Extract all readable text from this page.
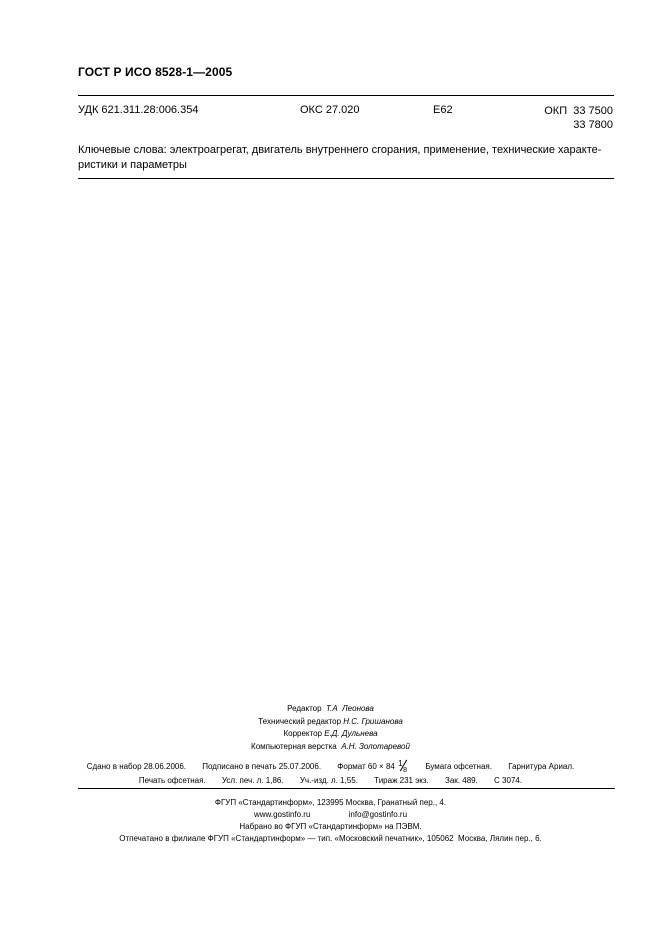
ГОСТ Р ИСО 8528-1—2005
УДК 621.311.28:006.354	ОКС 27.020	Е62	ОКП  33 7500
33 7800
Ключевые слова: электроагрегат, двигатель внутреннего сгорания, применение, технические характе-
ристики и параметры
Редактор Т.А  Леонова
Технический редактор Н.С. Гришанова
Корректор Е.Д. Дульнева
Компьютерная верстка А.Н. Золотаревой
Сдано в набор 28.06.2006. Подписано в печать 25.07.2006. Формат 60 × 84 1
8 Бумага офсетная. Гарнитура Ариал.
Печать офсетная. Усл. печ. л. 1,86. Уч.-изд. л. 1,55. Тираж 231 экз. Зак. 489. С 3074.
ФГУП «Стандартинформ», 123995 Москва, Гранатный пер., 4.
www.gostinfo.ru	info@gostinfo.ru
Набрано во ФГУП «Стандартинформ» на ПЭВМ.
Отпечатано в филиале ФГУП «Стандартинформ» — тип. «Московский печатник», 105062  Москва, Лялин пер., 6.
